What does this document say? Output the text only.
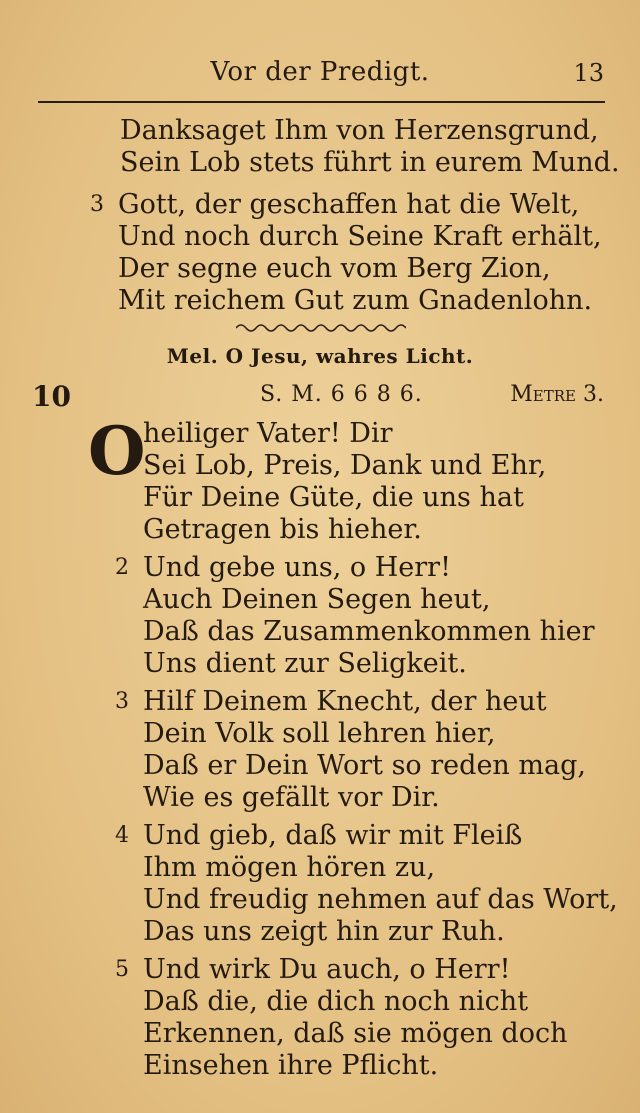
Vor der Predigt.	13
Danksaget Ihm von Herzensgrund,
Sein Lob stets führt in eurem Mund.
3 Gott, der geschaffen hat die Welt,
Und noch durch Seine Kraft erhält,
Der segne euch vom Berg Zion,
Mit reichem Gut zum Gnadenlohn.
Mel. O Jesu, wahres Licht.
10	S. M. 6 6 8 6.	Metre 3.
O
heiliger Vater! Dir
Sei Lob, Preis, Dank und Ehr,
Für Deine Güte, die uns hat
Getragen bis hieher.
2 Und gebe uns, o Herr!
Auch Deinen Segen heut,
Daß das Zusammenkommen hier
Uns dient zur Seligkeit.
3 Hilf Deinem Knecht, der heut
Dein Volk soll lehren hier,
Daß er Dein Wort so reden mag,
Wie es gefällt vor Dir.
4 Und gieb, daß wir mit Fleiß
Ihm mögen hören zu,
Und freudig nehmen auf das Wort,
Das uns zeigt hin zur Ruh.
5 Und wirk Du auch, o Herr!
Daß die, die dich noch nicht
Erkennen, daß sie mögen doch
Einsehen ihre Pflicht.
